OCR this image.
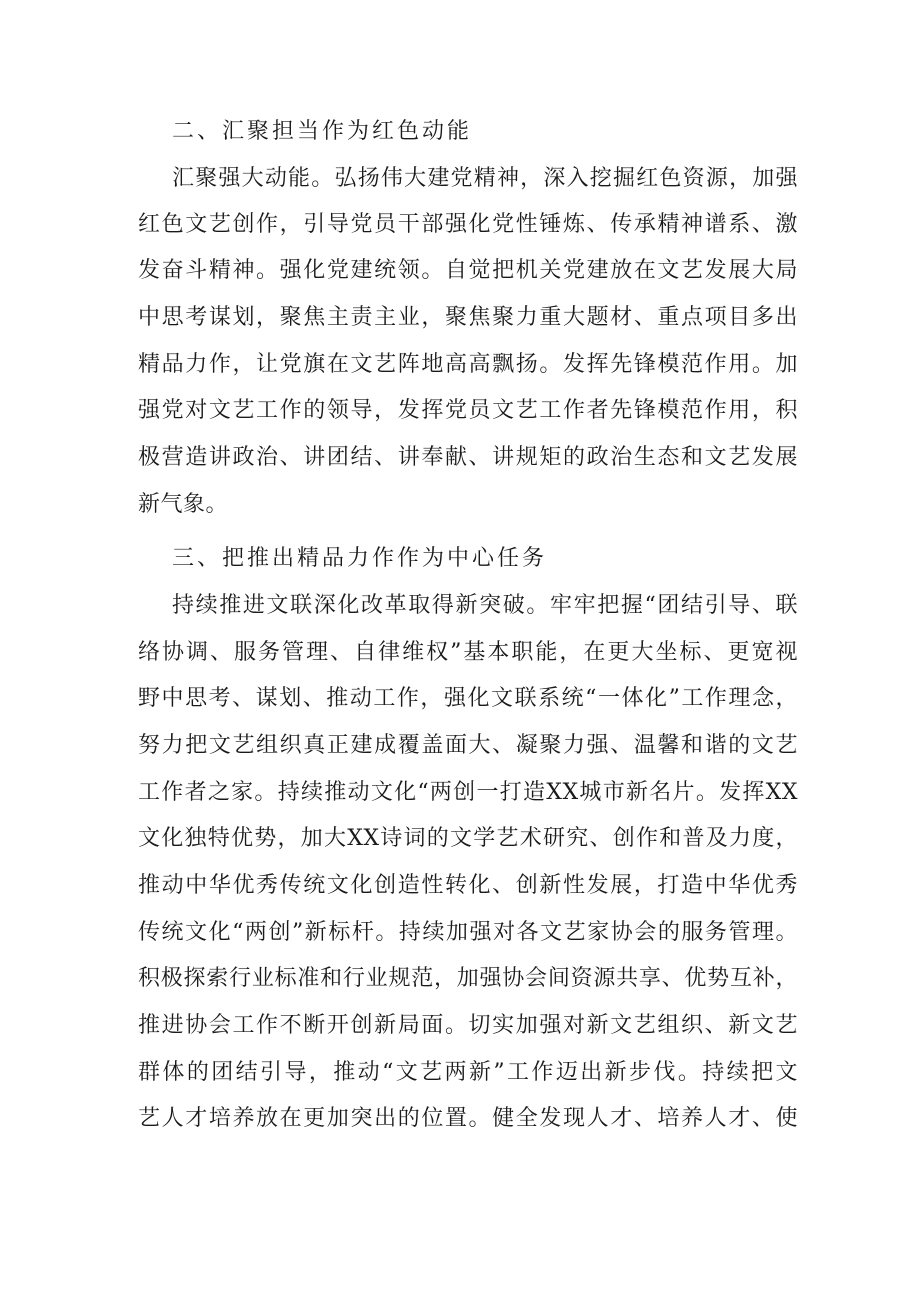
二、汇聚担当作为红色动能
汇聚强大动能。弘扬伟大建党精神，深入挖掘红色资源，加强
红色文艺创作，引导党员干部强化党性锤炼、传承精神谱系、激
发奋斗精神。强化党建统领。自觉把机关党建放在文艺发展大局
中思考谋划，聚焦主责主业，聚焦聚力重大题材、重点项目多出
精品力作，让党旗在文艺阵地高高飘扬。发挥先锋模范作用。加
强党对文艺工作的领导，发挥党员文艺工作者先锋模范作用，积
极营造讲政治、讲团结、讲奉献、讲规矩的政治生态和文艺发展
新气象。
三、把推出精品力作作为中心任务
持续推进文联深化改革取得新突破。牢牢把握“团结引导、联
络协调、服务管理、自律维权”基本职能，在更大坐标、更宽视
野中思考、谋划、推动工作，强化文联系统“一体化”工作理念，
努力把文艺组织真正建成覆盖面大、凝聚力强、温馨和谐的文艺
工作者之家。持续推动文化“两创一打造XX城市新名片。发挥XX
文化独特优势，加大XX诗词的文学艺术研究、创作和普及力度，
推动中华优秀传统文化创造性转化、创新性发展，打造中华优秀
传统文化“两创”新标杆。持续加强对各文艺家协会的服务管理。
积极探索行业标准和行业规范，加强协会间资源共享、优势互补，
推进协会工作不断开创新局面。切实加强对新文艺组织、新文艺
群体的团结引导，推动“文艺两新”工作迈出新步伐。持续把文
艺人才培养放在更加突出的位置。健全发现人才、培养人才、使
